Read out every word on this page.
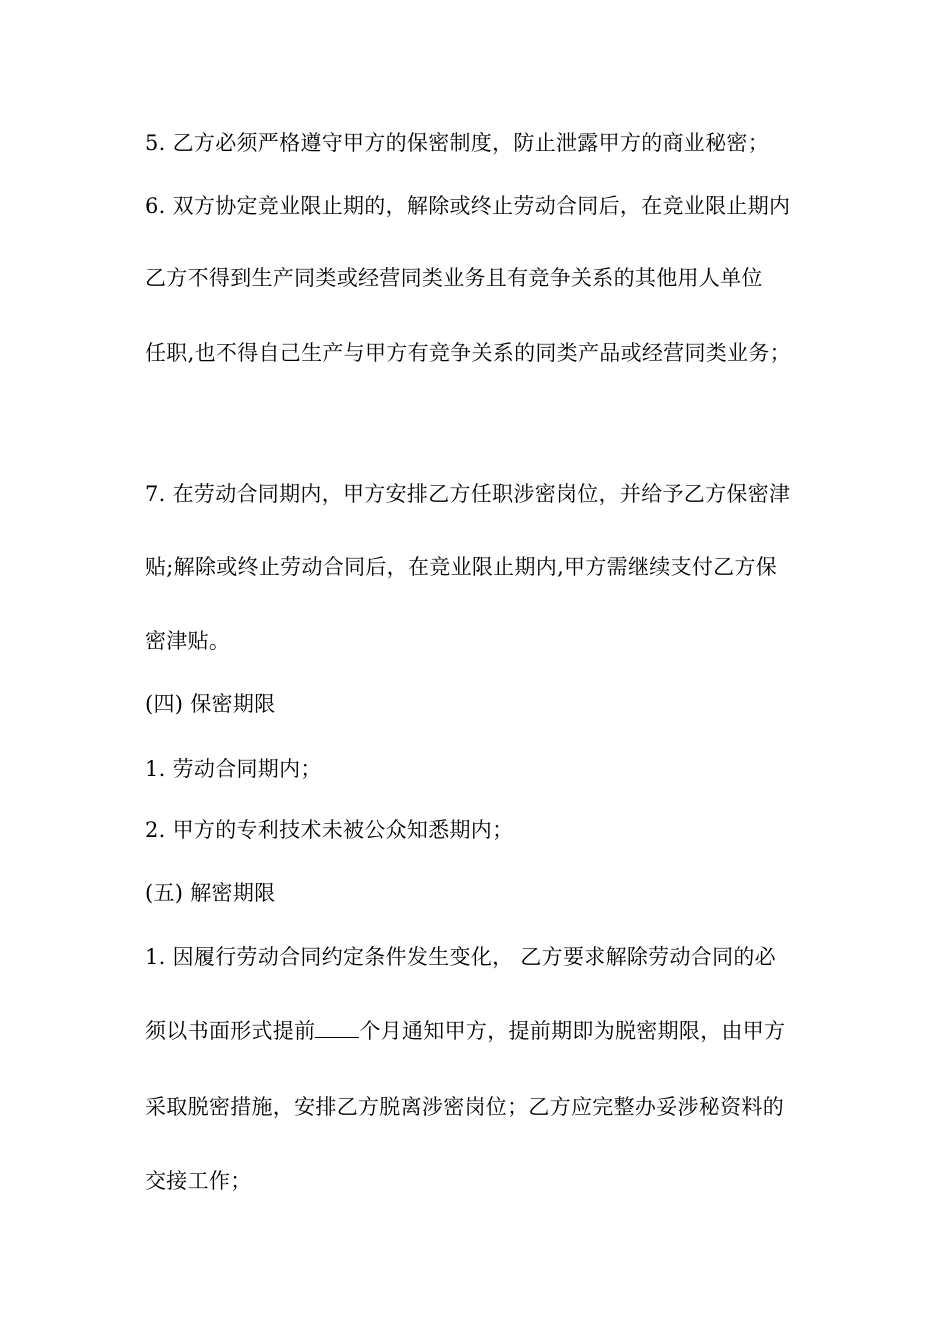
5. 乙方必须严格遵守甲方的保密制度，防止泄露甲方的商业秘密；
6. 双方协定竞业限止期的，解除或终止劳动合同后，在竞业限止期内
乙方不得到生产同类或经营同类业务且有竞争关系的其他用人单位
任职,也不得自己生产与甲方有竞争关系的同类产品或经营同类业务；
7. 在劳动合同期内，甲方安排乙方任职涉密岗位，并给予乙方保密津
贴;解除或终止劳动合同后，在竞业限止期内,甲方需继续支付乙方保
密津贴。
(四) 保密期限
1. 劳动合同期内；
2. 甲方的专利技术未被公众知悉期内；
(五) 解密期限
1. 因履行劳动合同约定条件发生变化， 乙方要求解除劳动合同的必
须以书面形式提前 个月通知甲方，提前期即为脱密期限，由甲方
采取脱密措施，安排乙方脱离涉密岗位；乙方应完整办妥涉秘资料的
交接工作；
